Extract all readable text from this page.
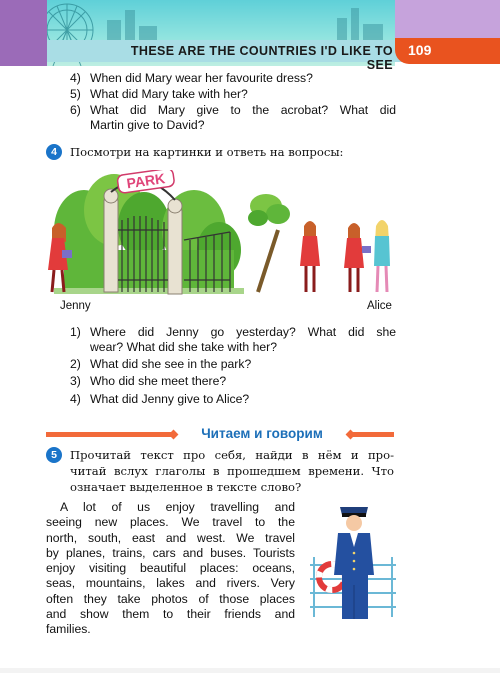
THESE ARE THE COUNTRIES I'D LIKE TO SEE
109
4) When did Mary wear her favourite dress?
5) What did Mary take with her?
6) What did Mary give to the acrobat? What did
Martin give to David?
4	Посмотри на картинки и ответь на вопросы:
PARK
Jenny	Alice
1) Where did Jenny go yesterday? What did she
wear? What did she take with her?
2) What did she see in the park?
3) Who did she meet there?
4) What did Jenny give to Alice?
Читаем и говорим
5	Прочитай текст про себя, найди в нём и про-
читай вслух глаголы в прошедшем времени. Что
означает выделенное в тексте слово?
A lot of us enjoy travelling and
seeing new places. We travel to the
north, south, east and west. We travel
by planes, trains, cars and buses. Tourists
enjoy visiting beautiful places: oceans,
seas, mountains, lakes and rivers. Very
often they take photos of those places
and show them to their friends and
families.
